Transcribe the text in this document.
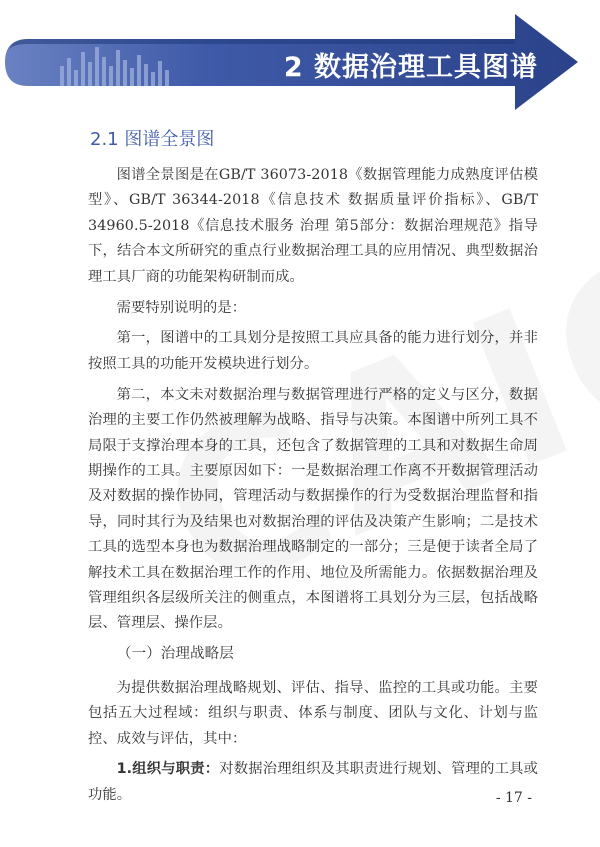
2 数据治理工具图谱
2.1 图谱全景图

图谱全景图是在GB/T 36073-2018《数据管理能力成熟度评估模型》、GB/T 36344-2018《信息技术 数据质量评价指标》、GB/T 34960.5-2018《信息技术服务 治理 第5部分：数据治理规范》指导下，结合本文所研究的重点行业数据治理工具的应用情况、典型数据治理工具厂商的功能架构研制而成。

需要特别说明的是：

第一，图谱中的工具划分是按照工具应具备的能力进行划分，并非按照工具的功能开发模块进行划分。

第二，本文未对数据治理与数据管理进行严格的定义与区分，数据治理的主要工作仍然被理解为战略、指导与决策。本图谱中所列工具不局限于支撑治理本身的工具，还包含了数据管理的工具和对数据生命周期操作的工具。主要原因如下：一是数据治理工作离不开数据管理活动及对数据的操作协同，管理活动与数据操作的行为受数据治理监督和指导，同时其行为及结果也对数据治理的评估及决策产生影响；二是技术工具的选型本身也为数据治理战略制定的一部分；三是便于读者全局了解技术工具在数据治理工作的作用、地位及所需能力。依据数据治理及管理组织各层级所关注的侧重点，本图谱将工具划分为三层，包括战略层、管理层、操作层。

（一）治理战略层

为提供数据治理战略规划、评估、指导、监控的工具或功能。主要包括五大过程域：组织与职责、体系与制度、团队与文化、计划与监控、成效与评估，其中：

1.组织与职责：对数据治理组织及其职责进行规划、管理的工具或功能。	- 17 -
